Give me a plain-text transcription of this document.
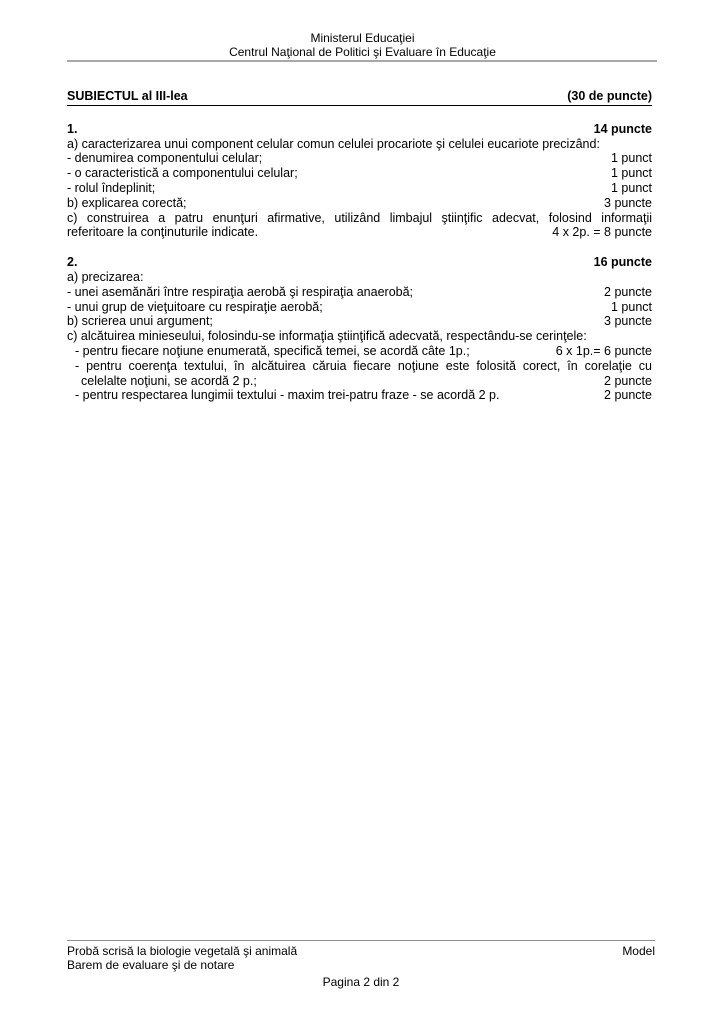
Ministerul Educaţiei
Centrul Naţional de Politici şi Evaluare în Educaţie
SUBIECTUL al III-lea	(30 de puncte)
1.	14 puncte
a) caracterizarea unui component celular comun celulei procariote şi celulei eucariote precizând:
- denumirea componentului celular;	1 punct
- o caracteristică a componentului celular;	1 punct
- rolul îndeplinit;	1 punct
b) explicarea corectă;	3 puncte
c) construirea a patru enunţuri afirmative, utilizând limbajul ştiinţific adecvat, folosind informaţii
referitoare la conţinuturile indicate.	4 x 2p. = 8 puncte
2.	16 puncte
a) precizarea:
- unei asemănări între respiraţia aerobă şi respiraţia anaerobă;	2 puncte
- unui grup de vieţuitoare cu respiraţie aerobă;	1 punct
b) scrierea unui argument;	3 puncte
c) alcătuirea minieseului, folosindu-se informaţia ştiinţifică adecvată, respectându-se cerinţele:
- pentru fiecare noţiune enumerată, specifică temei, se acordă câte 1p.;	6 x 1p.= 6 puncte
- pentru coerenţa textului, în alcătuirea căruia fiecare noţiune este folosită corect, în corelaţie cu
celelalte noţiuni, se acordă 2 p.;	2 puncte
- pentru respectarea lungimii textului - maxim trei-patru fraze - se acordă 2 p.	2 puncte
Probă scrisă la biologie vegetală şi animală	Model
Barem de evaluare şi de notare
Pagina 2 din 2
